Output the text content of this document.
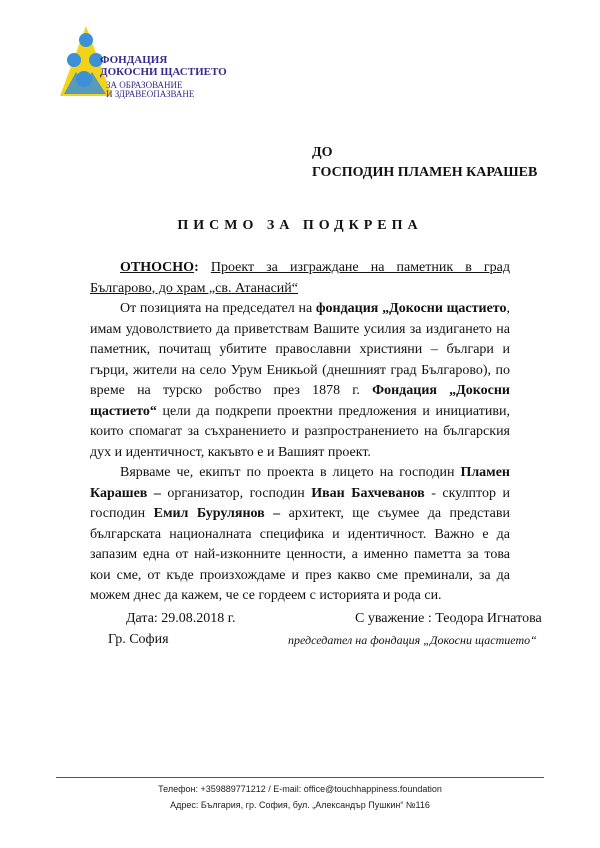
ФОНДАЦИЯ
ДОКОСНИ ЩАСТИЕТО
ЗА ОБРАЗОВАНИЕ
И ЗДРАВЕОПАЗВАНЕ
ДО
ГОСПОДИН ПЛАМЕН КАРАШЕВ
ПИСМО ЗА ПОДКРЕПА

ОТНОСНО: Проект за изграждане на паметник в град Българово, до храм „св. Атанасий“

От позицията на председател на фондация „Докосни щастието, имам удоволствието да приветствам Вашите усилия за издигането на паметник, почитащ убитите православни християни – българи и гърци, жители на село Урум Еникьой (днешният град Българово), по време на турско робство през 1878 г. Фондация „Докосни щастието“ цели да подкрепи проектни предложения и инициативи, които спомагат за съхранението и разпространението на българския дух и идентичност, какъвто е и Вашият проект.

Вярваме че, екипът по проекта в лицето на господин Пламен Карашев – организатор, господин Иван Бахчеванов - скулптор и господин Емил Бурулянов – архитект, ще съумее да представи българската националната специфика и идентичност. Важно е да запазим една от най-изконните ценности, а именно паметта за това кои сме, от къде произхождаме и през какво сме преминали, за да можем днес да кажем, че се гордеем с историята и рода си.

Дата: 29.08.2018 г.
Гр. София
С уважение : Теодора Игнатова
председател на фондация „Докосни щастието“
Телефон: +359889771212 / E-mail: office@touchhappiness.foundation
Адрес: България, гр. София, бул. „Александър Пушкин“ №116
